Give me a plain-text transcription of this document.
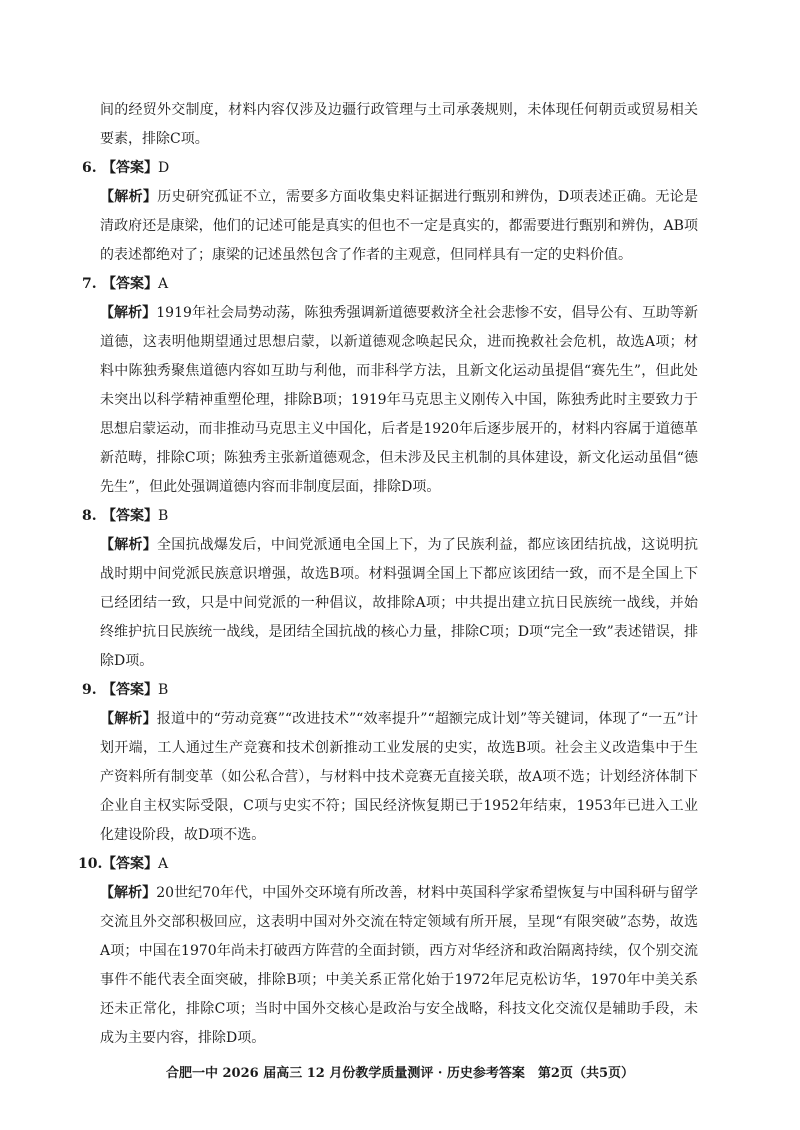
间的经贸外交制度，材料内容仅涉及边疆行政管理与土司承袭规则，未体现任何朝贡或贸易相关要素，排除C项。

6. 【答案】D

【解析】历史研究孤证不立，需要多方面收集史料证据进行甄别和辨伪，D项表述正确。无论是清政府还是康梁，他们的记述可能是真实的但也不一定是真实的，都需要进行甄别和辨伪，AB项的表述都绝对了；康梁的记述虽然包含了作者的主观意，但同样具有一定的史料价值。

7. 【答案】A

【解析】1919年社会局势动荡，陈独秀强调新道德要救济全社会悲惨不安，倡导公有、互助等新道德，这表明他期望通过思想启蒙，以新道德观念唤起民众，进而挽救社会危机，故选A项；材料中陈独秀聚焦道德内容如互助与利他，而非科学方法，且新文化运动虽提倡“赛先生”，但此处未突出以科学精神重塑伦理，排除B项；1919年马克思主义刚传入中国，陈独秀此时主要致力于思想启蒙运动，而非推动马克思主义中国化，后者是1920年后逐步展开的，材料内容属于道德革新范畴，排除C项；陈独秀主张新道德观念，但未涉及民主机制的具体建设，新文化运动虽倡“德先生”，但此处强调道德内容而非制度层面，排除D项。

8. 【答案】B

【解析】全国抗战爆发后，中间党派通电全国上下，为了民族利益，都应该团结抗战，这说明抗战时期中间党派民族意识增强，故选B项。材料强调全国上下都应该团结一致，而不是全国上下已经团结一致，只是中间党派的一种倡议，故排除A项；中共提出建立抗日民族统一战线，并始终维护抗日民族统一战线，是团结全国抗战的核心力量，排除C项；D项“完全一致”表述错误，排除D项。

9. 【答案】B

【解析】报道中的“劳动竞赛”“改进技术”“效率提升”“超额完成计划”等关键词，体现了“一五”计划开端，工人通过生产竞赛和技术创新推动工业发展的史实，故选B项。社会主义改造集中于生产资料所有制变革（如公私合营），与材料中技术竞赛无直接关联，故A项不选；计划经济体制下企业自主权实际受限，C项与史实不符；国民经济恢复期已于1952年结束，1953年已进入工业化建设阶段，故D项不选。

10. 【答案】A

【解析】20世纪70年代，中国外交环境有所改善，材料中英国科学家希望恢复与中国科研与留学交流且外交部积极回应，这表明中国对外交流在特定领域有所开展，呈现“有限突破”态势，故选A项；中国在1970年尚未打破西方阵营的全面封锁，西方对华经济和政治隔离持续，仅个别交流事件不能代表全面突破，排除B项；中美关系正常化始于1972年尼克松访华，1970年中美关系还未正常化，排除C项；当时中国外交核心是政治与安全战略，科技文化交流仅是辅助手段，未成为主要内容，排除D项。

合肥一中 2026 届高三 12 月份教学质量测评 · 历史参考答案　第2页（共5页）
